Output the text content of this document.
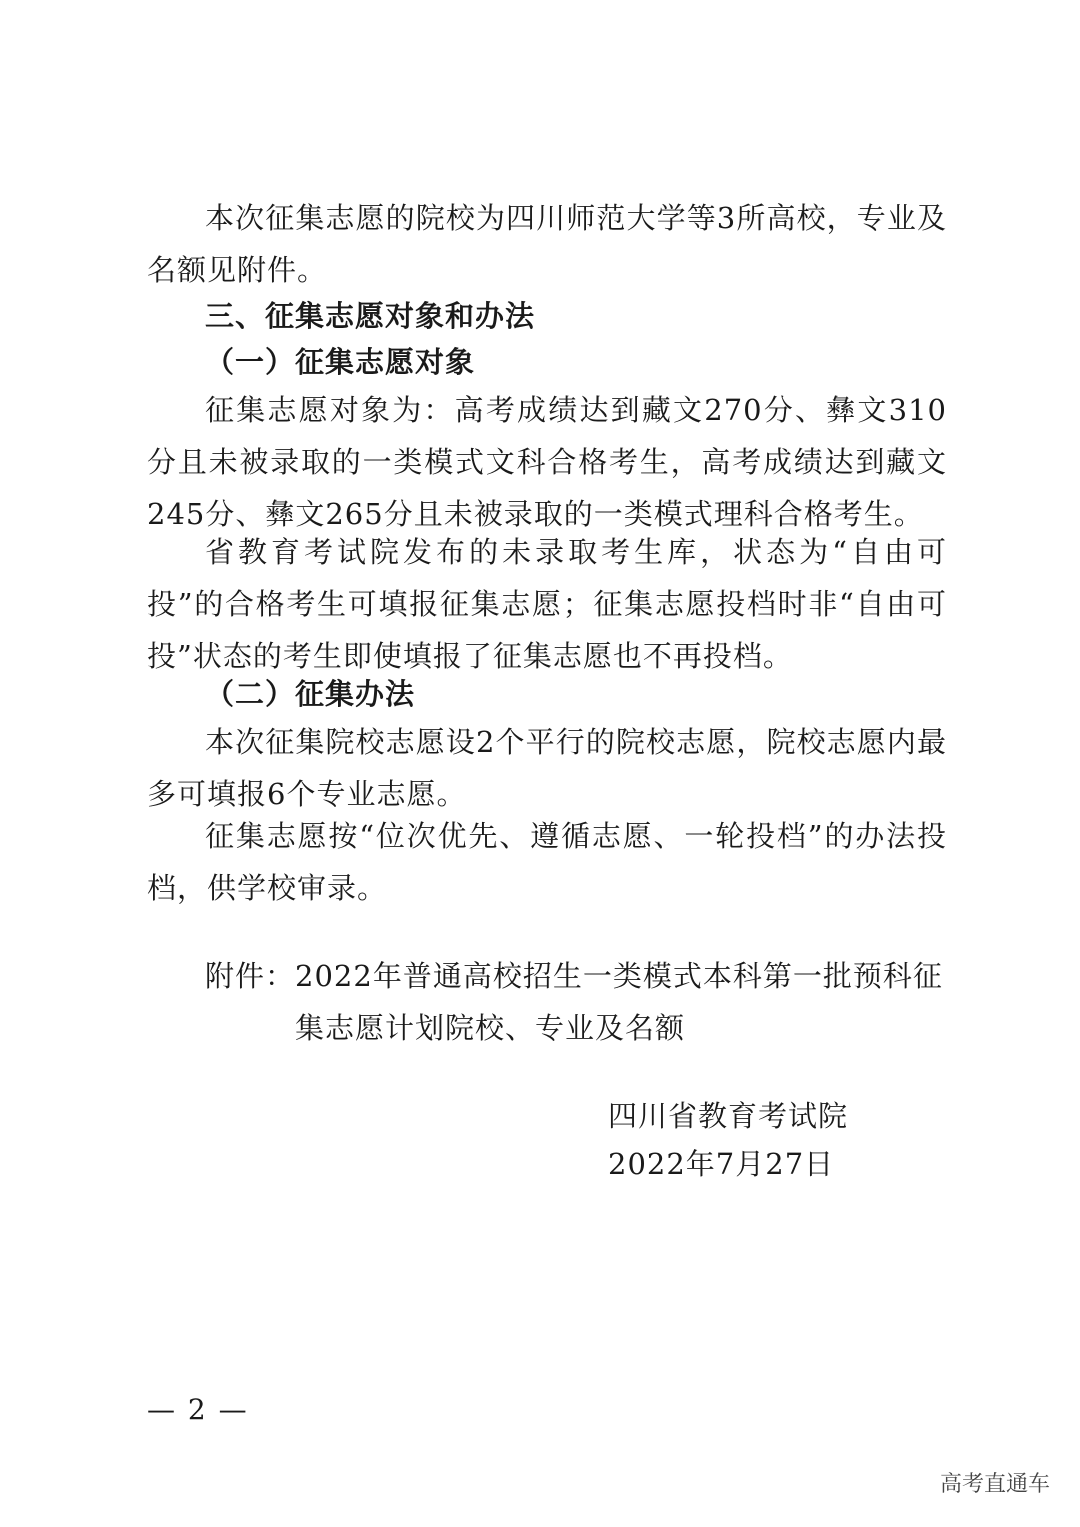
本次征集志愿的院校为四川师范大学等3所高校，专业及名额见附件。

三、征集志愿对象和办法
（一）征集志愿对象

征集志愿对象为：高考成绩达到藏文270分、彝文310分且未被录取的一类模式文科合格考生，高考成绩达到藏文245分、彝文265分且未被录取的一类模式理科合格考生。

省教育考试院发布的未录取考生库，状态为“自由可投”的合格考生可填报征集志愿；征集志愿投档时非“自由可投”状态的考生即使填报了征集志愿也不再投档。

（二）征集办法

本次征集院校志愿设2个平行的院校志愿，院校志愿内最多可填报6个专业志愿。

征集志愿按“位次优先、遵循志愿、一轮投档”的办法投档，供学校审录。

附件： 2022年普通高校招生一类模式本科第一批预科征集志愿计划院校、专业及名额
四川省教育考试院
2022年7月27日
— 2 —
高考直通车
